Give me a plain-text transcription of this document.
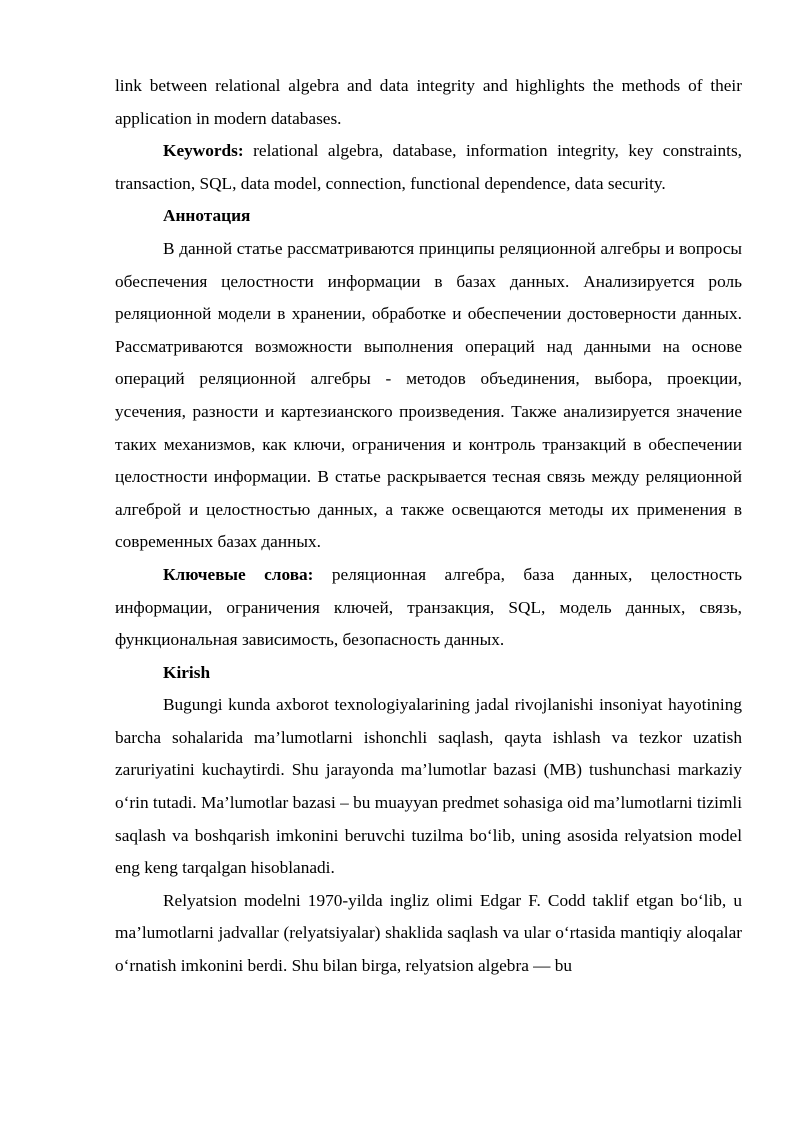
link between relational algebra and data integrity and highlights the methods of their application in modern databases.

Keywords: relational algebra, database, information integrity, key constraints, transaction, SQL, data model, connection, functional dependence, data security.

Аннотация

В данной статье рассматриваются принципы реляционной алгебры и вопросы обеспечения целостности информации в базах данных. Анализируется роль реляционной модели в хранении, обработке и обеспечении достоверности данных. Рассматриваются возможности выполнения операций над данными на основе операций реляционной алгебры - методов объединения, выбора, проекции, усечения, разности и картезианского произведения. Также анализируется значение таких механизмов, как ключи, ограничения и контроль транзакций в обеспечении целостности информации. В статье раскрывается тесная связь между реляционной алгеброй и целостностью данных, а также освещаются методы их применения в современных базах данных.

Ключевые слова: реляционная алгебра, база данных, целостность информации, ограничения ключей, транзакция, SQL, модель данных, связь, функциональная зависимость, безопасность данных.

Kirish

Bugungi kunda axborot texnologiyalarining jadal rivojlanishi insoniyat hayotining barcha sohalarida ma’lumotlarni ishonchli saqlash, qayta ishlash va tezkor uzatish zaruriyatini kuchaytirdi. Shu jarayonda ma’lumotlar bazasi (MB) tushunchasi markaziy o‘rin tutadi. Ma’lumotlar bazasi – bu muayyan predmet sohasiga oid ma’lumotlarni tizimli saqlash va boshqarish imkonini beruvchi tuzilma bo‘lib, uning asosida relyatsion model eng keng tarqalgan hisoblanadi.

Relyatsion modelni 1970-yilda ingliz olimi Edgar F. Codd taklif etgan bo‘lib, u ma’lumotlarni jadvallar (relyatsiyalar) shaklida saqlash va ular o‘rtasida mantiqiy aloqalar o‘rnatish imkonini berdi. Shu bilan birga, relyatsion algebra — bu
